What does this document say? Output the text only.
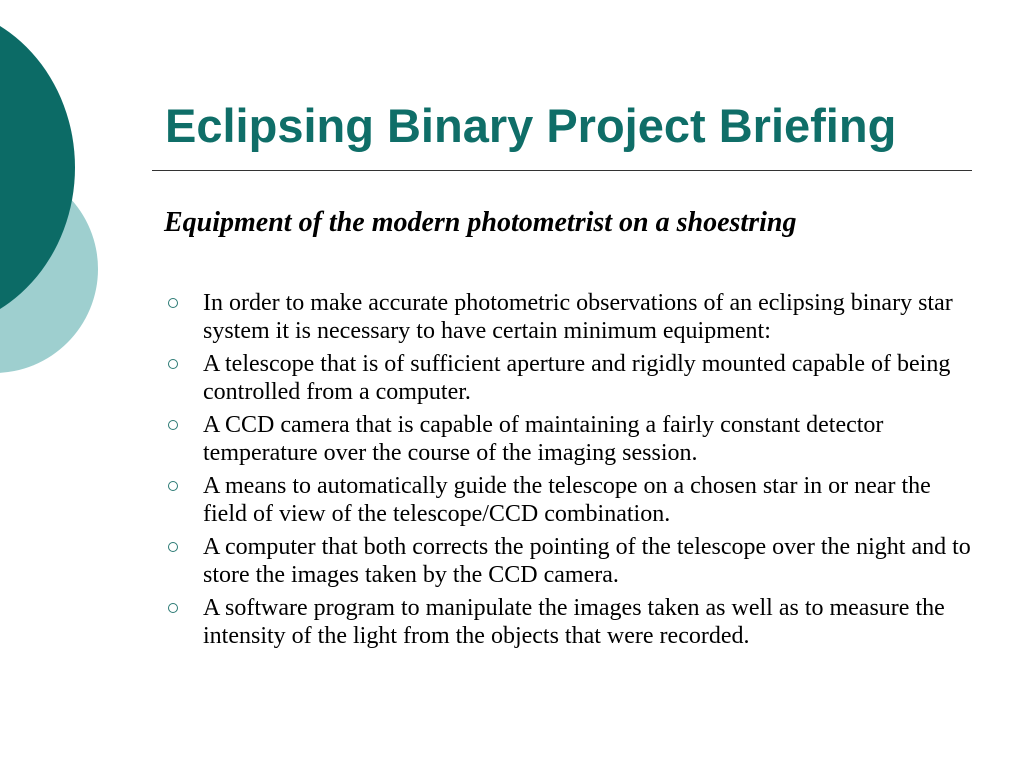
Eclipsing Binary Project Briefing
Equipment of the modern photometrist on a shoestring
In order to make accurate photometric observations of an eclipsing binary star system it is necessary to have certain minimum equipment:
A telescope that is of sufficient aperture and rigidly mounted capable of being controlled from a computer.
A CCD camera that is capable of maintaining a fairly constant detector temperature over the course of the imaging session.
A means to automatically guide the telescope on a chosen star in or near the field of view of the telescope/CCD combination.
A computer that both corrects the pointing of the telescope over the night and to store the images taken by the CCD camera.
A software program to manipulate the images taken as well as to measure the intensity of the light from the objects that were recorded.
